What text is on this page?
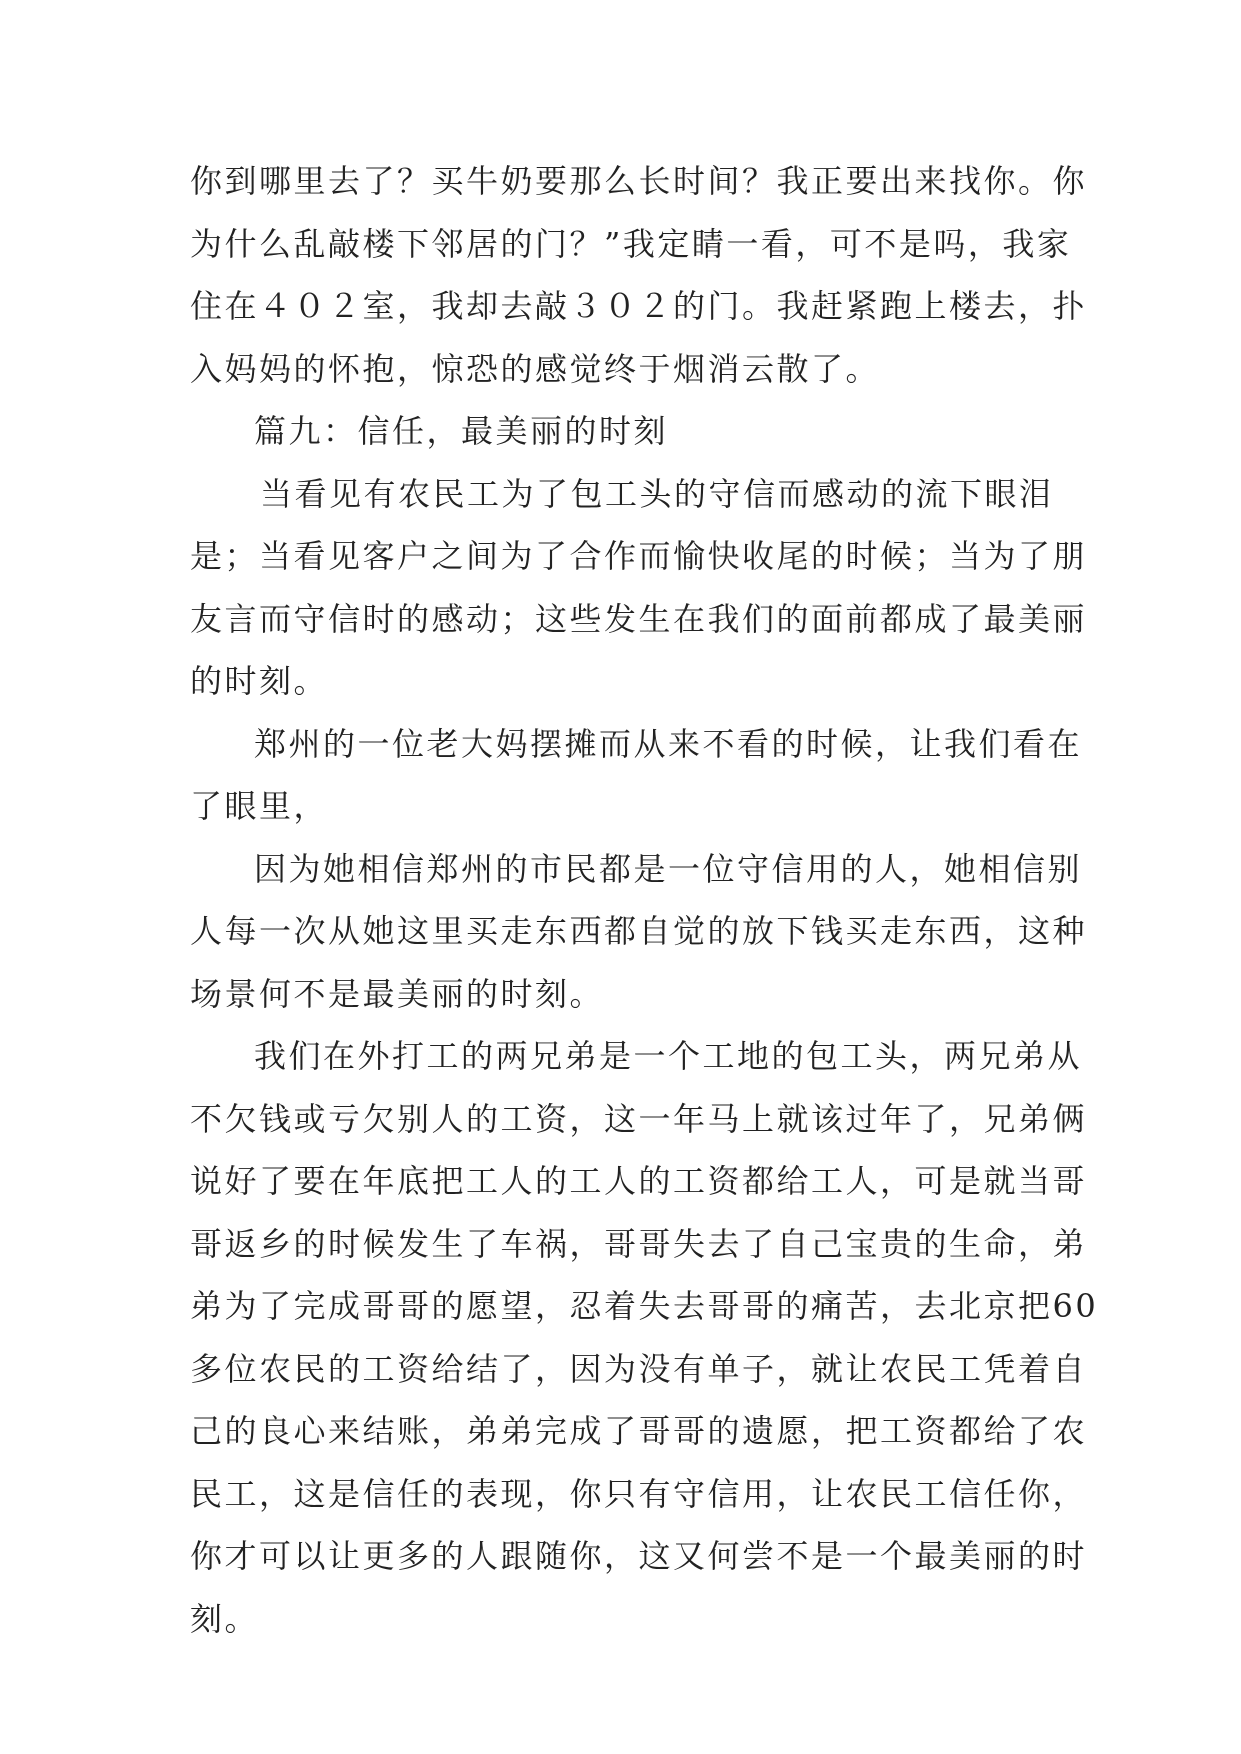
你到哪里去了？买牛奶要那么长时间？我正要出来找你。你
为什么乱敲楼下邻居的门？”我定睛一看，可不是吗，我家
住在４０２室，我却去敲３０２的门。我赶紧跑上楼去，扑
入妈妈的怀抱，惊恐的感觉终于烟消云散了。
篇九：信任，最美丽的时刻
当看见有农民工为了包工头的守信而感动的流下眼泪
是；当看见客户之间为了合作而愉快收尾的时候；当为了朋
友言而守信时的感动；这些发生在我们的面前都成了最美丽
的时刻。
郑州的一位老大妈摆摊而从来不看的时候，让我们看在
了眼里，
因为她相信郑州的市民都是一位守信用的人，她相信别
人每一次从她这里买走东西都自觉的放下钱买走东西，这种
场景何不是最美丽的时刻。
我们在外打工的两兄弟是一个工地的包工头，两兄弟从
不欠钱或亏欠别人的工资，这一年马上就该过年了，兄弟俩
说好了要在年底把工人的工人的工资都给工人，可是就当哥
哥返乡的时候发生了车祸，哥哥失去了自己宝贵的生命，弟
弟为了完成哥哥的愿望，忍着失去哥哥的痛苦，去北京把60
多位农民的工资给结了，因为没有单子，就让农民工凭着自
己的良心来结账，弟弟完成了哥哥的遗愿，把工资都给了农
民工，这是信任的表现，你只有守信用，让农民工信任你，
你才可以让更多的人跟随你，这又何尝不是一个最美丽的时
刻。
